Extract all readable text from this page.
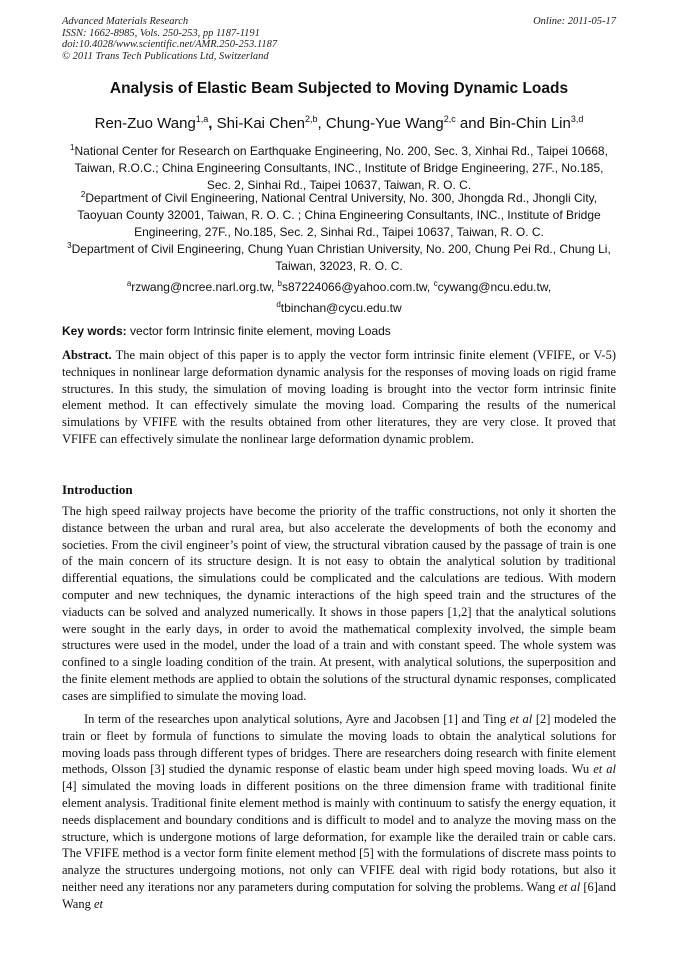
Advanced Materials Research
ISSN: 1662-8985, Vols. 250-253, pp 1187-1191
doi:10.4028/www.scientific.net/AMR.250-253.1187
© 2011 Trans Tech Publications Ltd, Switzerland
Online: 2011-05-17
Analysis of Elastic Beam Subjected to Moving Dynamic Loads
Ren-Zuo Wang$^{1,a}$, Shi-Kai Chen$^{2,b}$, Chung-Yue Wang$^{2,c}$ and Bin-Chin Lin$^{3,d}$
$^1$National Center for Research on Earthquake Engineering, No. 200, Sec. 3, Xinhai Rd., Taipei 10668, Taiwan, R.O.C.; China Engineering Consultants, INC., Institute of Bridge Engineering, 27F., No.185, Sec. 2, Sinhai Rd., Taipei 10637, Taiwan, R. O. C.
$^2$Department of Civil Engineering, National Central University, No. 300, Jhongda Rd., Jhongli City, Taoyuan County 32001, Taiwan, R. O. C. ; China Engineering Consultants, INC., Institute of Bridge Engineering, 27F., No.185, Sec. 2, Sinhai Rd., Taipei 10637, Taiwan, R. O. C.
$^3$Department of Civil Engineering, Chung Yuan Christian University, No. 200, Chung Pei Rd., Chung Li, Taiwan, 32023, R. O. C.
$^a$rzwang@ncree.narl.org.tw, $^b$s87224066@yahoo.com.tw, $^c$cywang@ncu.edu.tw,
$^d$tbinchan@cycu.edu.tw
Key words: vector form Intrinsic finite element, moving Loads
Abstract. The main object of this paper is to apply the vector form intrinsic finite element (VFIFE, or V-5) techniques in nonlinear large deformation dynamic analysis for the responses of moving loads on rigid frame structures. In this study, the simulation of moving loading is brought into the vector form intrinsic finite element method. It can effectively simulate the moving load. Comparing the results of the numerical simulations by VFIFE with the results obtained from other literatures, they are very close. It proved that VFIFE can effectively simulate the nonlinear large deformation dynamic problem.
Introduction
The high speed railway projects have become the priority of the traffic constructions, not only it shorten the distance between the urban and rural area, but also accelerate the developments of both the economy and societies. From the civil engineer’s point of view, the structural vibration caused by the passage of train is one of the main concern of its structure design. It is not easy to obtain the analytical solution by traditional differential equations, the simulations could be complicated and the calculations are tedious. With modern computer and new techniques, the dynamic interactions of the high speed train and the structures of the viaducts can be solved and analyzed numerically. It shows in those papers [1,2] that the analytical solutions were sought in the early days, in order to avoid the mathematical complexity involved, the simple beam structures were used in the model, under the load of a train and with constant speed. The whole system was confined to a single loading condition of the train. At present, with analytical solutions, the superposition and the finite element methods are applied to obtain the solutions of the structural dynamic responses, complicated cases are simplified to simulate the moving load.
In term of the researches upon analytical solutions, Ayre and Jacobsen [1] and Ting et al [2] modeled the train or fleet by formula of functions to simulate the moving loads to obtain the analytical solutions for moving loads pass through different types of bridges. There are researchers doing research with finite element methods, Olsson [3] studied the dynamic response of elastic beam under high speed moving loads. Wu et al [4] simulated the moving loads in different positions on the three dimension frame with traditional finite element analysis. Traditional finite element method is mainly with continuum to satisfy the energy equation, it needs displacement and boundary conditions and is difficult to model and to analyze the moving mass on the structure, which is undergone motions of large deformation, for example like the derailed train or cable cars. The VFIFE method is a vector form finite element method [5] with the formulations of discrete mass points to analyze the structures undergoing motions, not only can VFIFE deal with rigid body rotations, but also it neither need any iterations nor any parameters during computation for solving the problems. Wang et al [6]and Wang et
